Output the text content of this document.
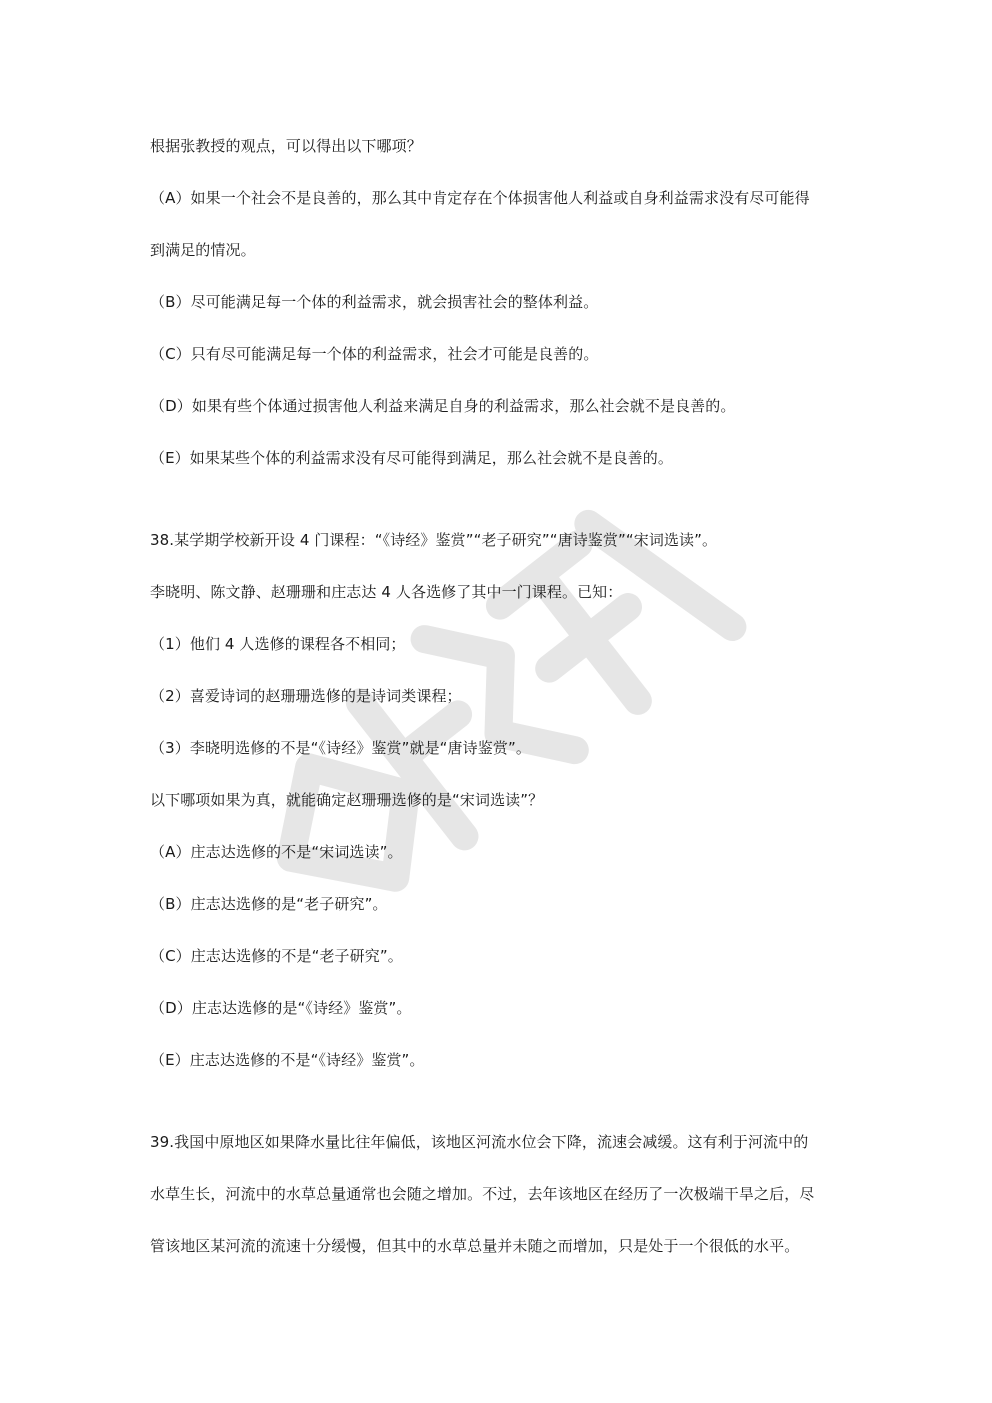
根据张教授的观点，可以得出以下哪项？
（A）如果一个社会不是良善的，那么其中肯定存在个体损害他人利益或自身利益需求没有尽可能得
到满足的情况。
（B）尽可能满足每一个体的利益需求，就会损害社会的整体利益。
（C）只有尽可能满足每一个体的利益需求，社会才可能是良善的。
（D）如果有些个体通过损害他人利益来满足自身的利益需求，那么社会就不是良善的。
（E）如果某些个体的利益需求没有尽可能得到满足，那么社会就不是良善的。
38.某学期学校新开设 4 门课程：“《诗经》鉴赏”“老子研究”“唐诗鉴赏”“宋词选读”。
李晓明、陈文静、赵珊珊和庄志达 4 人各选修了其中一门课程。已知：
（1）他们 4 人选修的课程各不相同；
（2）喜爱诗词的赵珊珊选修的是诗词类课程；
（3）李晓明选修的不是“《诗经》鉴赏”就是“唐诗鉴赏”。
以下哪项如果为真，就能确定赵珊珊选修的是“宋词选读”？
（A）庄志达选修的不是“宋词选读”。
（B）庄志达选修的是“老子研究”。
（C）庄志达选修的不是“老子研究”。
（D）庄志达选修的是“《诗经》鉴赏”。
（E）庄志达选修的不是“《诗经》鉴赏”。
39.我国中原地区如果降水量比往年偏低，该地区河流水位会下降，流速会减缓。这有利于河流中的
水草生长，河流中的水草总量通常也会随之增加。不过，去年该地区在经历了一次极端干旱之后，尽
管该地区某河流的流速十分缓慢，但其中的水草总量并未随之而增加，只是处于一个很低的水平。
